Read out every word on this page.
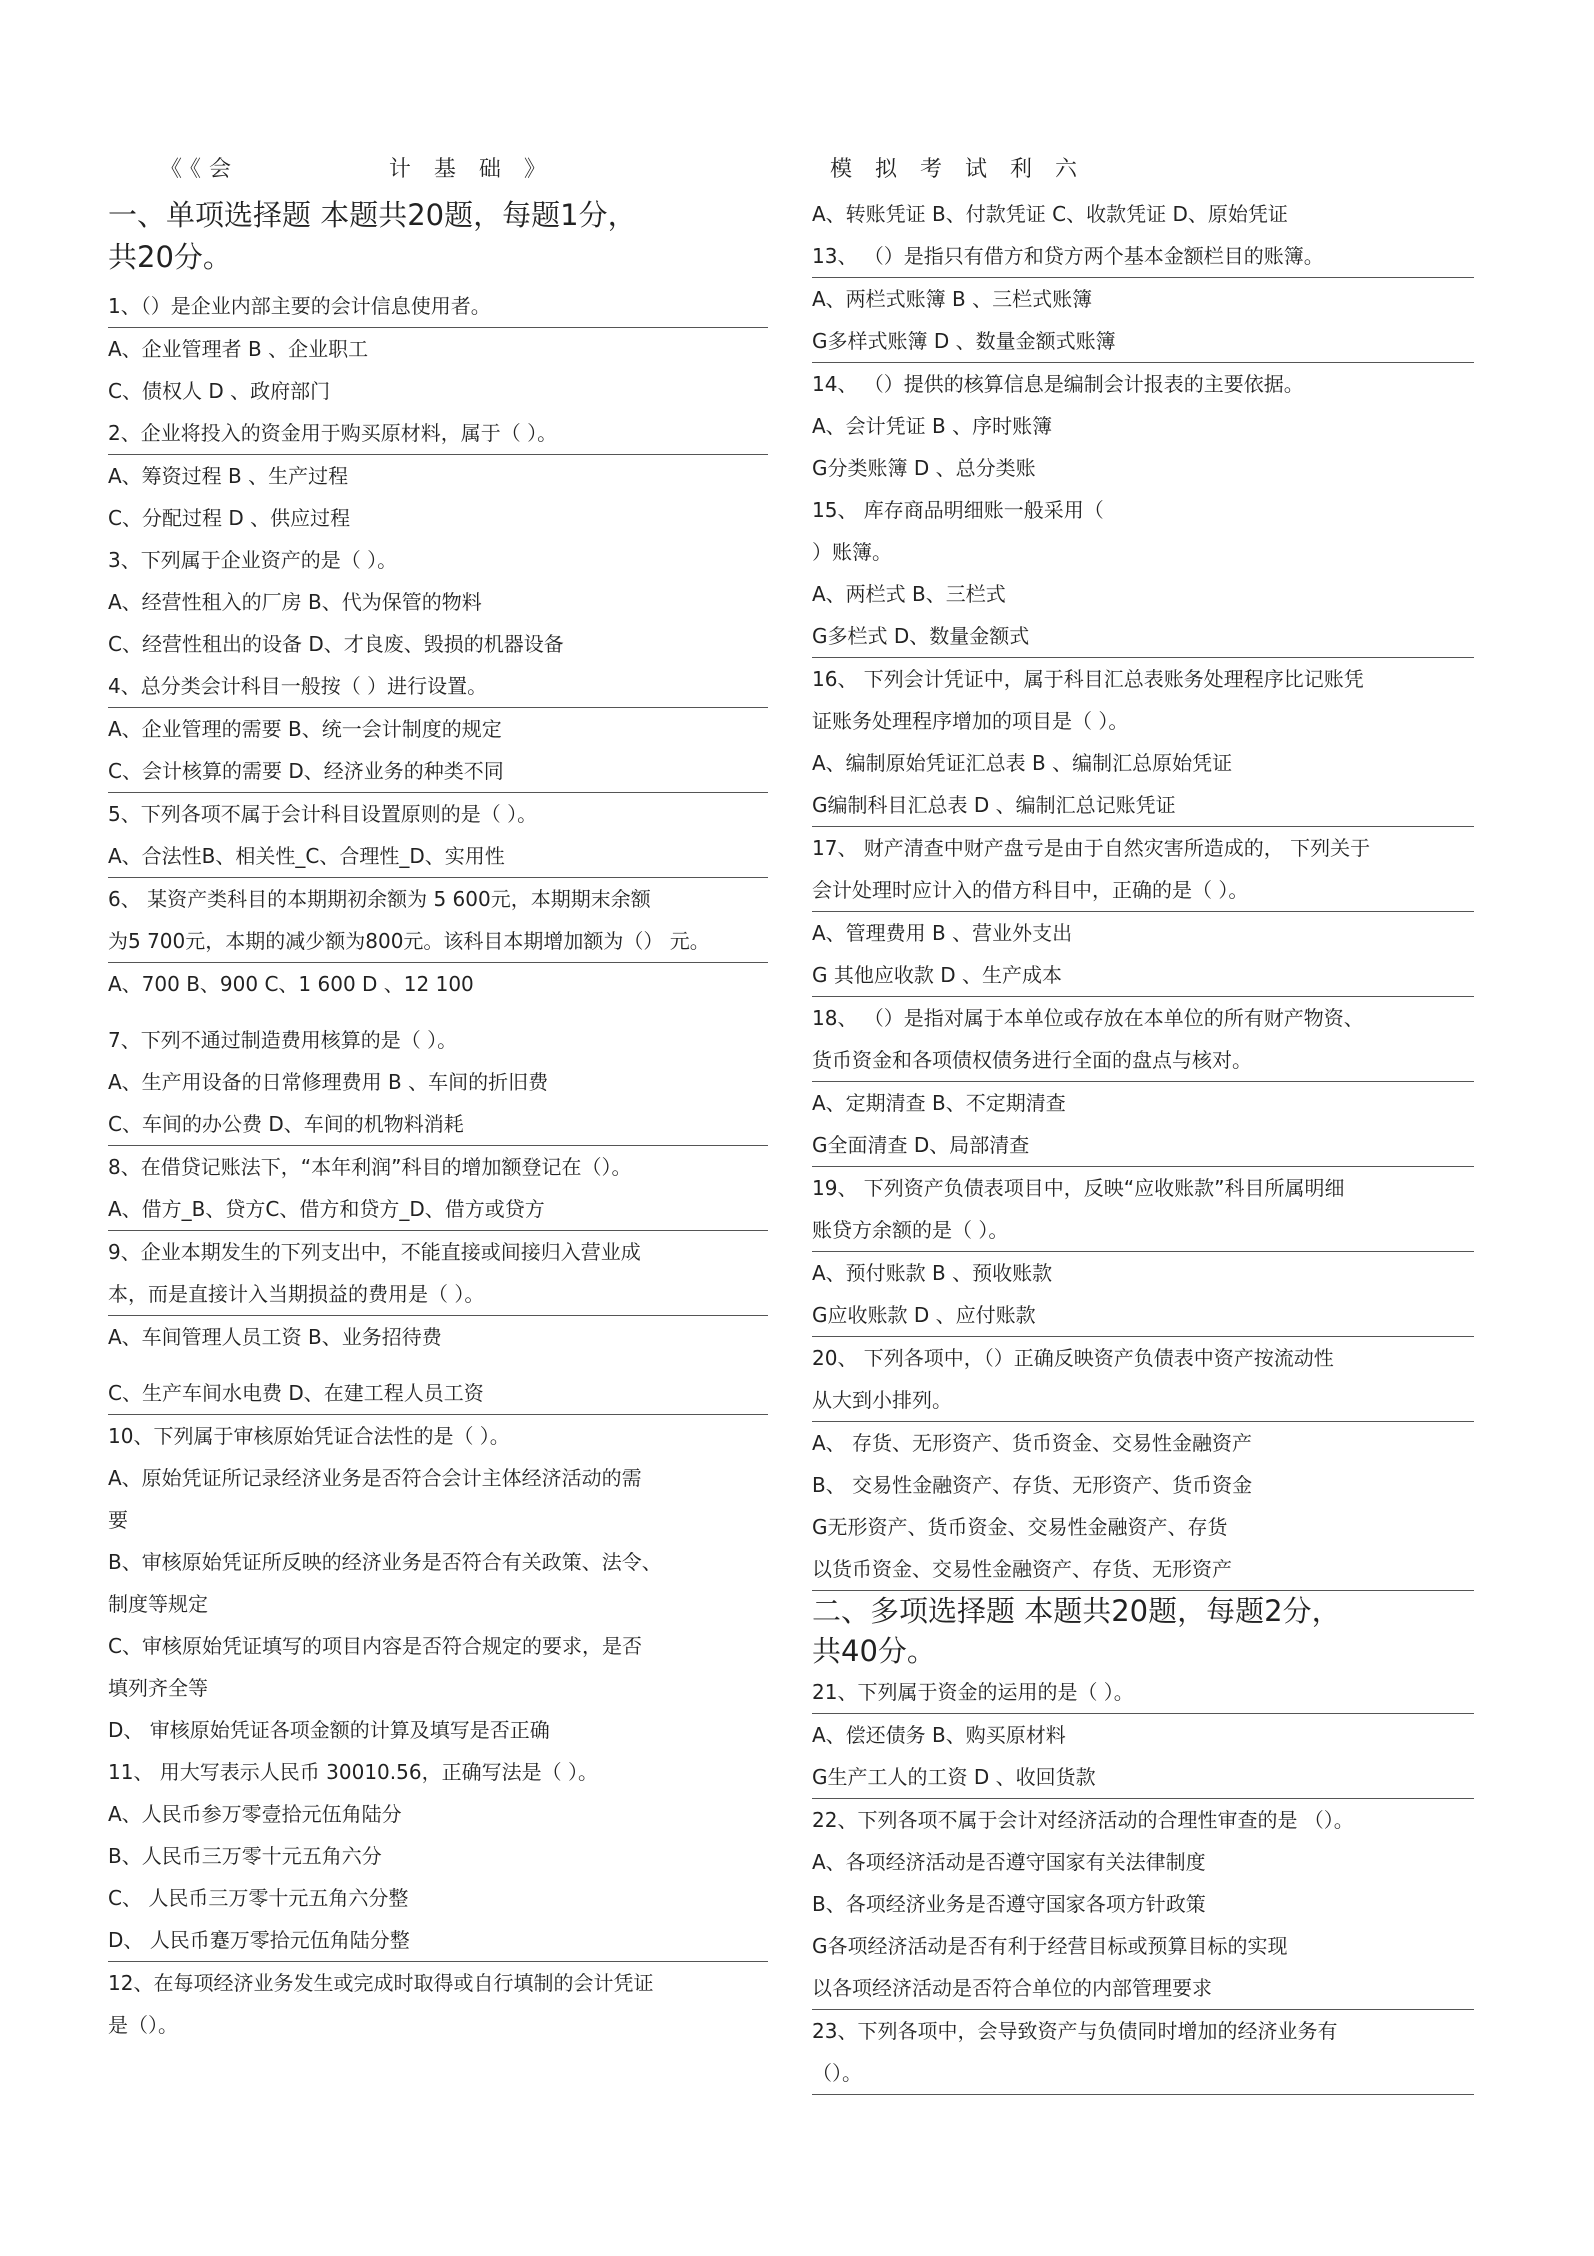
《《会          计 基 础 》	模 拟 考 试 利 六
一、单项选择题 本题共20题，每题1分，
共20分。
1、（）是企业内部主要的会计信息使用者。
A、企业管理者 B 、企业职工
C、债权人 D 、政府部门
2、企业将投入的资金用于购买原材料，属于（ ）。
A、筹资过程 B 、生产过程
C、分配过程 D 、供应过程
3、下列属于企业资产的是（ ）。
A、经营性租入的厂房 B、代为保管的物料
C、经营性租出的设备 D、才良废、毁损的机器设备
4、总分类会计科目一般按（ ）进行设置。
A、企业管理的需要 B、统一会计制度的规定
C、会计核算的需要 D、经济业务的种类不同
5、下列各项不属于会计科目设置原则的是（ ）。
A、合法性B、相关性_C、合理性_D、实用性
6、 某资产类科目的本期期初余额为 5 600元，本期期末余额
为5 700元，本期的减少额为800元。该科目本期增加额为（） 元。
A、700 B、900 C、1 600 D 、12 100
7、下列不通过制造费用核算的是（ ）。
A、生产用设备的日常修理费用 B 、车间的折旧费
C、车间的办公费 D、车间的机物料消耗
8、在借贷记账法下，“本年利润”科目的增加额登记在（）。
A、借方_B、贷方C、借方和贷方_D、借方或贷方
9、企业本期发生的下列支出中，不能直接或间接归入营业成
本，而是直接计入当期损益的费用是（ ）。
A、车间管理人员工资 B、业务招待费
C、生产车间水电费 D、在建工程人员工资
10、下列属于审核原始凭证合法性的是（ ）。
A、原始凭证所记录经济业务是否符合会计主体经济活动的需
要
B、审核原始凭证所反映的经济业务是否符合有关政策、法令、
制度等规定
C、审核原始凭证填写的项目内容是否符合规定的要求，是否
填列齐全等
D、 审核原始凭证各项金额的计算及填写是否正确
11、 用大写表示人民币 30010.56，正确写法是（ ）。
A、人民币参万零壹拾元伍角陆分
B、人民币三万零十元五角六分
C、 人民币三万零十元五角六分整
D、 人民币蹇万零拾元伍角陆分整
12、在每项经济业务发生或完成时取得或自行填制的会计凭证
是（）。
A、转账凭证 B、付款凭证 C、收款凭证 D、原始凭证
13、 （）是指只有借方和贷方两个基本金额栏目的账簿。
A、两栏式账簿 B 、三栏式账簿
G多样式账簿 D 、数量金额式账簿
14、 （）提供的核算信息是编制会计报表的主要依据。
A、会计凭证 B 、序时账簿
G分类账簿 D 、总分类账
15、 库存商品明细账一般采用（
）账簿。
A、两栏式 B、三栏式
G多栏式 D、数量金额式
16、 下列会计凭证中，属于科目汇总表账务处理程序比记账凭
证账务处理程序增加的项目是（ ）。
A、编制原始凭证汇总表 B 、编制汇总原始凭证
G编制科目汇总表 D 、编制汇总记账凭证
17、 财产清查中财产盘亏是由于自然灾害所造成的， 下列关于
会计处理时应计入的借方科目中，正确的是（ ）。
A、管理费用 B 、营业外支出
G 其他应收款 D 、生产成本
18、 （）是指对属于本单位或存放在本单位的所有财产物资、
货币资金和各项债权债务进行全面的盘点与核对。
A、定期清查 B、不定期清查
G全面清查 D、局部清查
19、 下列资产负债表项目中，反映“应收账款”科目所属明细
账贷方余额的是（ ）。
A、预付账款 B 、预收账款
G应收账款 D 、应付账款
20、 下列各项中，（）正确反映资产负债表中资产按流动性
从大到小排列。
A、 存货、无形资产、货币资金、交易性金融资产
B、 交易性金融资产、存货、无形资产、货币资金
G无形资产、货币资金、交易性金融资产、存货
以货币资金、交易性金融资产、存货、无形资产
二、多项选择题 本题共20题，每题2分，
共40分。
21、下列属于资金的运用的是（ ）。
A、偿还债务 B、购买原材料
G生产工人的工资 D 、收回货款
22、下列各项不属于会计对经济活动的合理性审查的是 （）。
A、各项经济活动是否遵守国家有关法律制度
B、各项经济业务是否遵守国家各项方针政策
G各项经济活动是否有利于经营目标或预算目标的实现
以各项经济活动是否符合单位的内部管理要求
23、下列各项中，会导致资产与负债同时增加的经济业务有
（）。
